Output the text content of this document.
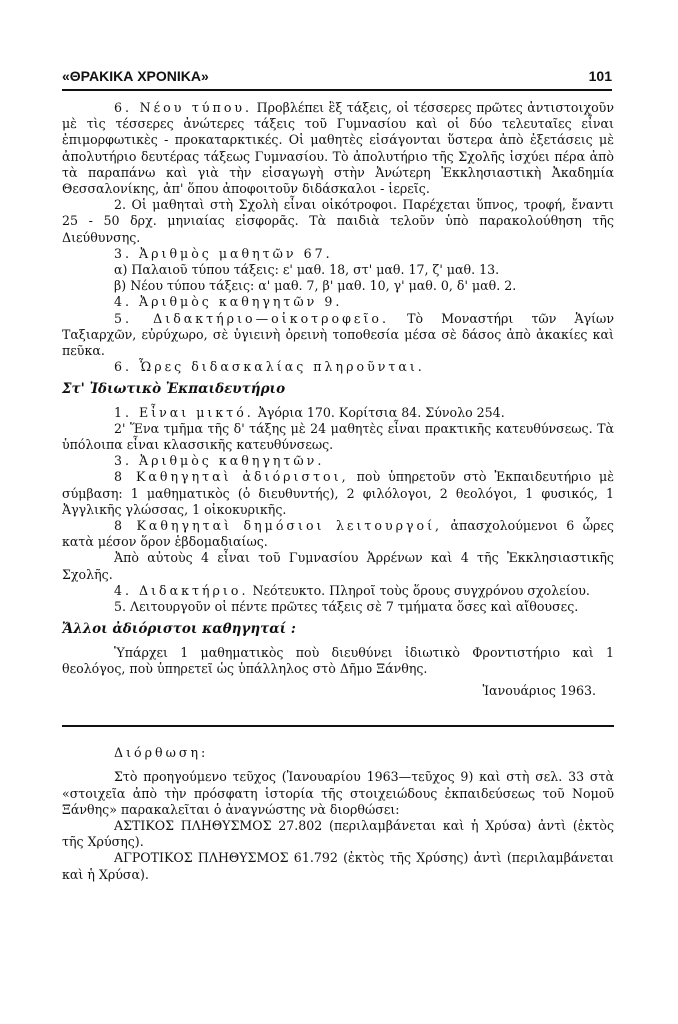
«ΘΡΑΚΙΚΑ ΧΡΟΝΙΚΑ»	101

6. Νέου τύπου. Προβλέπει ἓξ τάξεις, οἱ τέσσερες πρῶτες ἀντιστοιχοῦν μὲ τὶς τέσσερες ἀνώτερες τάξεις τοῦ Γυμνασίου καὶ οἱ δύο τελευταῖες εἶναι ἐπιμορφωτικὲς - προκαταρκτικές. Οἱ μαθητὲς εἰσάγονται ὕστερα ἀπὸ ἐξετάσεις μὲ ἀπολυτήριο δευτέρας τάξεως Γυμνασίου. Τὸ ἀπολυτήριο τῆς Σχολῆς ἰσχύει πέρα ἀπὸ τὰ παραπάνω καὶ γιὰ τὴν εἰσαγωγὴ στὴν Ἀνώτερη Ἐκκλησιαστικὴ Ἀκαδημία Θεσσαλονίκης, ἀπ' ὅπου ἀποφοιτοῦν διδάσκαλοι - ἱερεῖς.

2. Οἱ μαθηταὶ στὴ Σχολὴ εἶναι οἰκότροφοι. Παρέχεται ὕπνος, τροφή, ἔναντι 25 - 50 δρχ. μηνιαίας εἰσφορᾶς. Τὰ παιδιὰ τελοῦν ὑπὸ παρακολούθηση τῆς Διεύθυνσης.

3. Ἀριθμὸς μαθητῶν 67.

α) Παλαιοῦ τύπου τάξεις: ε' μαθ. 18, στ' μαθ. 17, ζ' μαθ. 13.

β) Νέου τύπου τάξεις: α' μαθ. 7, β' μαθ. 10, γ' μαθ. 0, δ' μαθ. 2.

4. Ἀριθμὸς καθηγητῶν 9.

5. Διδακτήριο—οἰκοτροφεῖο. Τὸ Μοναστήρι τῶν Ἁγίων Ταξιαρχῶν, εὐρύχωρο, σὲ ὑγιεινὴ ὀρεινὴ τοποθεσία μέσα σὲ δάσος ἀπὸ ἀκακίες καὶ πεῦκα.

6. Ὧρες διδασκαλίας πληροῦνται.

Στ' Ἰδιωτικὸ Ἐκπαιδευτήριο

1. Εἶναι μικτό. Ἀγόρια 170. Κορίτσια 84. Σύνολο 254.

2' Ἕνα τμῆμα τῆς δ' τάξης μὲ 24 μαθητὲς εἶναι πρακτικῆς κατευθύνσεως. Τὰ ὑπόλοιπα εἶναι κλασσικῆς κατευθύνσεως.

3. Ἀριθμὸς καθηγητῶν.

8 Καθηγηταὶ ἀδιόριστοι, ποὺ ὑπηρετοῦν στὸ Ἐκπαιδευτήριο μὲ σύμβαση: 1 μαθηματικὸς (ὁ διευθυντής), 2 φιλόλογοι, 2 θεολόγοι, 1 φυσικός, 1 Ἀγγλικῆς γλώσσας, 1 οἰκοκυρικῆς.

8 Καθηγηταὶ δημόσιοι λειτουργοί, ἀπασχολούμενοι 6 ὧρες κατὰ μέσον ὅρον ἑβδομαδιαίως.

Ἀπὸ αὐτοὺς 4 εἶναι τοῦ Γυμνασίου Ἀρρένων καὶ 4 τῆς Ἐκκλησιαστικῆς Σχολῆς.

4. Διδακτήριο. Νεότευκτο. Πληροῖ τοὺς ὅρους συγχρόνου σχολείου.

5. Λειτουργοῦν οἱ πέντε πρῶτες τάξεις σὲ 7 τμήματα ὅσες καὶ αἴθουσες.

Ἄλλοι ἀδιόριστοι καθηγηταί :

Ὑπάρχει 1 μαθηματικὸς ποὺ διευθύνει ἰδιωτικὸ Φροντιστήριο καὶ 1 θεολόγος, ποὺ ὑπηρετεῖ ὡς ὑπάλληλος στὸ Δῆμο Ξάνθης.

Ἰανουάριος 1963.

Διόρθωση:

Στὸ προηγούμενο τεῦχος (Ἰανουαρίου 1963—τεῦχος 9) καὶ στὴ σελ. 33 στὰ «στοιχεῖα ἀπὸ τὴν πρόσφατη ἱστορία τῆς στοιχειώδους ἐκπαιδεύσεως τοῦ Νομοῦ Ξάνθης» παρακαλεῖται ὁ ἀναγνώστης νὰ διορθώσει:

ΑΣΤΙΚΟΣ ΠΛΗΘΥΣΜΟΣ 27.802 (περιλαμβάνεται καὶ ἡ Χρύσα) ἀντὶ (ἐκτὸς τῆς Χρύσης).

ΑΓΡΟΤΙΚΟΣ ΠΛΗΘΥΣΜΟΣ 61.792 (ἐκτὸς τῆς Χρύσης) ἀντὶ (περιλαμβάνεται καὶ ἡ Χρύσα).
